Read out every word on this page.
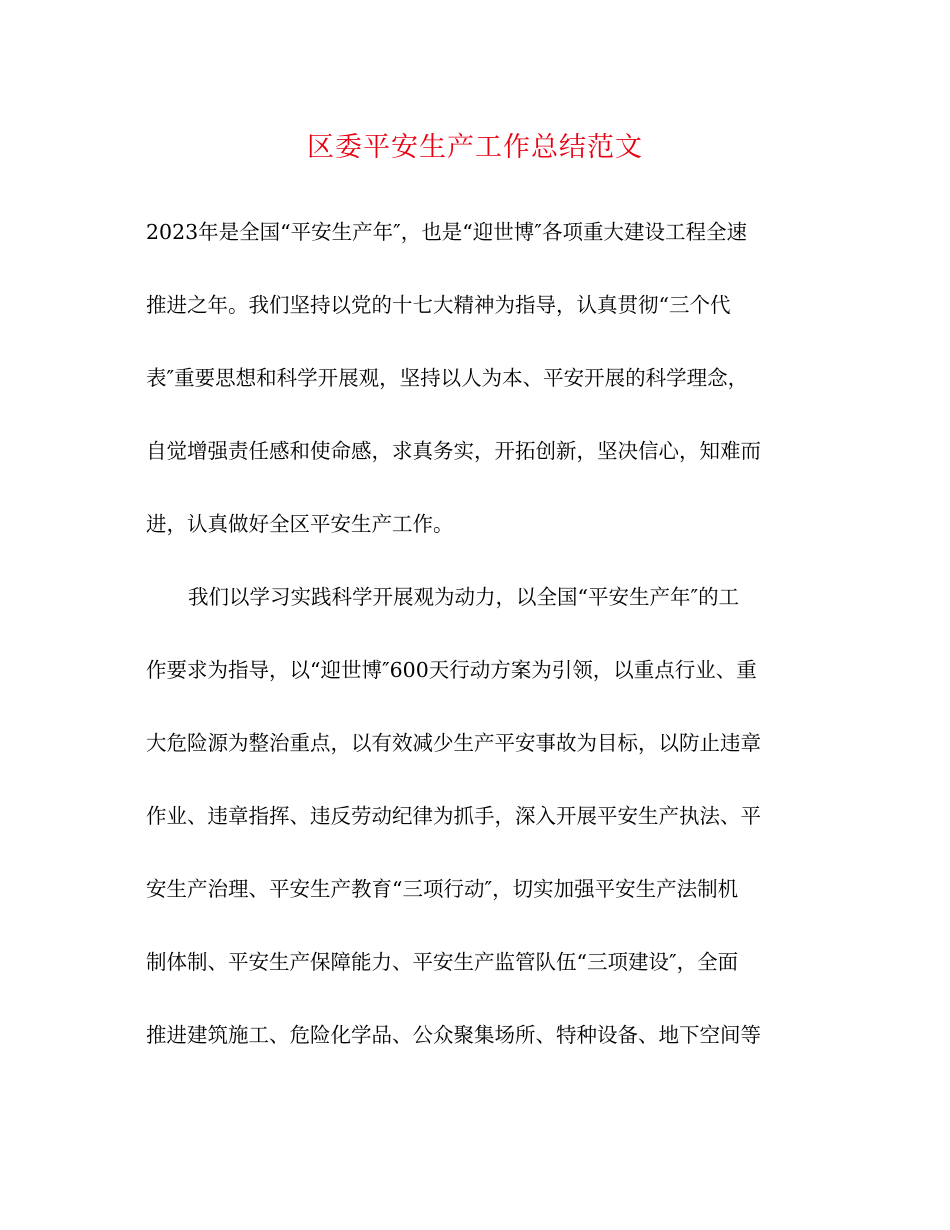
区委平安生产工作总结范文
2023年是全国“平安生产年″，也是“迎世博″各项重大建设工程全速
推进之年。我们坚持以党的十七大精神为指导，认真贯彻“三个代
表″重要思想和科学开展观，坚持以人为本、平安开展的科学理念，
自觉增强责任感和使命感，求真务实，开拓创新，坚决信心，知难而
进，认真做好全区平安生产工作。
我们以学习实践科学开展观为动力，以全国“平安生产年″的工
作要求为指导，以“迎世博″600天行动方案为引领，以重点行业、重
大危险源为整治重点，以有效减少生产平安事故为目标，以防止违章
作业、违章指挥、违反劳动纪律为抓手，深入开展平安生产执法、平
安生产治理、平安生产教育“三项行动″，切实加强平安生产法制机
制体制、平安生产保障能力、平安生产监管队伍“三项建设″，全面
推进建筑施工、危险化学品、公众聚集场所、特种设备、地下空间等
